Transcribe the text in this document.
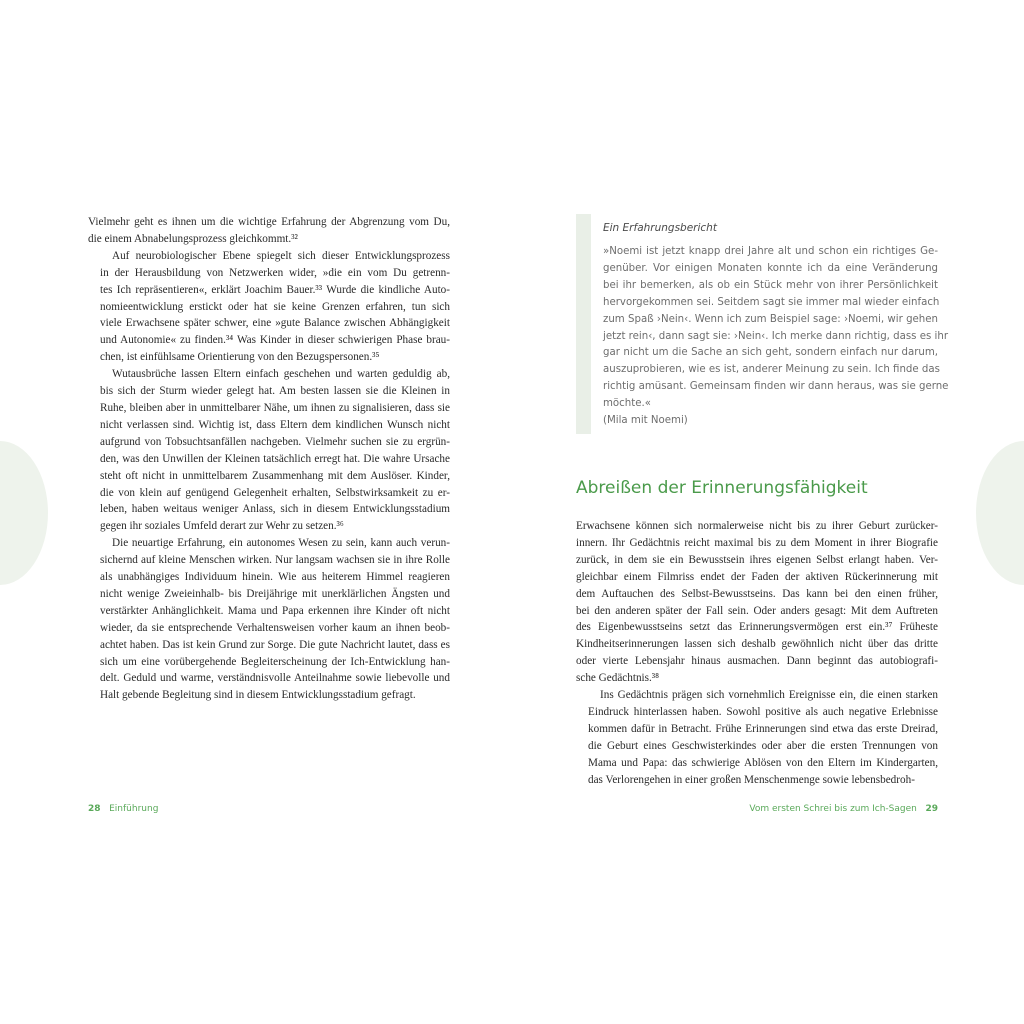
Vielmehr geht es ihnen um die wichtige Erfahrung der Abgrenzung vom Du,
die einem Abnabelungsprozess gleichkommt.³²

Auf neurobiologischer Ebene spiegelt sich dieser Entwicklungsprozess
in der Herausbildung von Netzwerken wider, »die ein vom Du getrenn-
tes Ich repräsentieren«, erklärt Joachim Bauer.³³ Wurde die kindliche Auto-
nomieentwicklung erstickt oder hat sie keine Grenzen erfahren, tun sich
viele Erwachsene später schwer, eine »gute Balance zwischen Abhängigkeit
und Autonomie« zu finden.³⁴ Was Kinder in dieser schwierigen Phase brau-
chen, ist einfühlsame Orientierung von den Bezugspersonen.³⁵

Wutausbrüche lassen Eltern einfach geschehen und warten geduldig ab,
bis sich der Sturm wieder gelegt hat. Am besten lassen sie die Kleinen in
Ruhe, bleiben aber in unmittelbarer Nähe, um ihnen zu signalisieren, dass sie
nicht verlassen sind. Wichtig ist, dass Eltern dem kindlichen Wunsch nicht
aufgrund von Tobsuchtsanfällen nachgeben. Vielmehr suchen sie zu ergrün-
den, was den Unwillen der Kleinen tatsächlich erregt hat. Die wahre Ursache
steht oft nicht in unmittelbarem Zusammenhang mit dem Auslöser. Kinder,
die von klein auf genügend Gelegenheit erhalten, Selbstwirksamkeit zu er-
leben, haben weitaus weniger Anlass, sich in diesem Entwicklungsstadium
gegen ihr soziales Umfeld derart zur Wehr zu setzen.³⁶

Die neuartige Erfahrung, ein autonomes Wesen zu sein, kann auch verun-
sichernd auf kleine Menschen wirken. Nur langsam wachsen sie in ihre Rolle
als unabhängiges Individuum hinein. Wie aus heiterem Himmel reagieren
nicht wenige Zweieinhalb- bis Dreijährige mit unerklärlichen Ängsten und
verstärkter Anhänglichkeit. Mama und Papa erkennen ihre Kinder oft nicht
wieder, da sie entsprechende Verhaltensweisen vorher kaum an ihnen beob-
achtet haben. Das ist kein Grund zur Sorge. Die gute Nachricht lautet, dass es
sich um eine vorübergehende Begleiterscheinung der Ich-Entwicklung han-
delt. Geduld und warme, verständnisvolle Anteilnahme sowie liebevolle und
Halt gebende Begleitung sind in diesem Entwicklungsstadium gefragt.

Ein Erfahrungsbericht
»Noemi ist jetzt knapp drei Jahre alt und schon ein richtiges Ge-
genüber. Vor einigen Monaten konnte ich da eine Veränderung
bei ihr bemerken, als ob ein Stück mehr von ihrer Persönlichkeit
hervorgekommen sei. Seitdem sagt sie immer mal wieder einfach
zum Spaß ›Nein‹. Wenn ich zum Beispiel sage: ›Noemi, wir gehen
jetzt rein‹, dann sagt sie: ›Nein‹. Ich merke dann richtig, dass es ihr
gar nicht um die Sache an sich geht, sondern einfach nur darum,
auszuprobieren, wie es ist, anderer Meinung zu sein. Ich finde das
richtig amüsant. Gemeinsam finden wir dann heraus, was sie gerne
möchte.«
(Mila mit Noemi)
Abreißen der Erinnerungsfähigkeit

Erwachsene können sich normalerweise nicht bis zu ihrer Geburt zurücker-
innern. Ihr Gedächtnis reicht maximal bis zu dem Moment in ihrer Biografie
zurück, in dem sie ein Bewusstsein ihres eigenen Selbst erlangt haben. Ver-
gleichbar einem Filmriss endet der Faden der aktiven Rückerinnerung mit
dem Auftauchen des Selbst-Bewusstseins. Das kann bei den einen früher,
bei den anderen später der Fall sein. Oder anders gesagt: Mit dem Auftreten
des Eigenbewusstseins setzt das Erinnerungsvermögen erst ein.³⁷ Früheste
Kindheitserinnerungen lassen sich deshalb gewöhnlich nicht über das dritte
oder vierte Lebensjahr hinaus ausmachen. Dann beginnt das autobiografi-
sche Gedächtnis.³⁸

Ins Gedächtnis prägen sich vornehmlich Ereignisse ein, die einen starken
Eindruck hinterlassen haben. Sowohl positive als auch negative Erlebnisse
kommen dafür in Betracht. Frühe Erinnerungen sind etwa das erste Dreirad,
die Geburt eines Geschwisterkindes oder aber die ersten Trennungen von
Mama und Papa: das schwierige Ablösen von den Eltern im Kindergarten,
das Verlorengehen in einer großen Menschenmenge sowie lebensbedroh-

28 Einführung	Vom ersten Schrei bis zum Ich-Sagen 29
